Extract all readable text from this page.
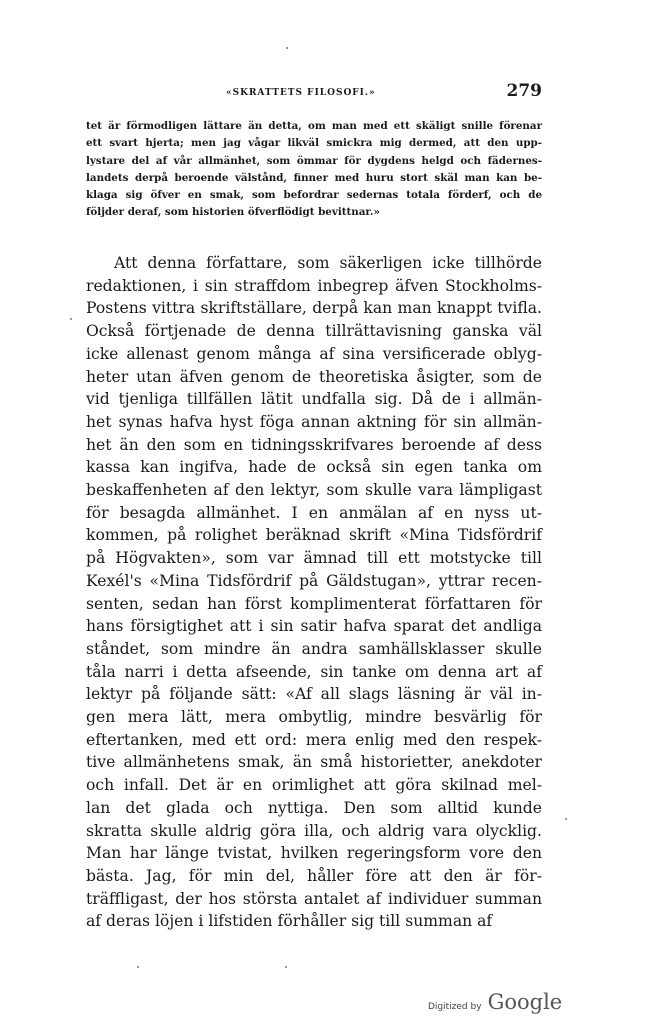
«SKRATTETS FILOSOFI.»	279
tet är förmodligen lättare än detta, om man med ett skäligt snille förenar
ett svart hjerta; men jag vågar likväl smickra mig dermed, att den upp-
lystare del af vår allmänhet, som ömmar för dygdens helgd och fädernes-
landets derpå beroende välstånd, finner med huru stort skäl man kan be-
klaga sig öfver en smak, som befordrar sedernas totala förderf, och de
följder deraf, som historien öfverflödigt bevittnar.»
Att denna författare, som säkerligen icke tillhörde
redaktionen, i sin straffdom inbegrep äfven Stockholms-
Postens vittra skriftställare, derpå kan man knappt tvifla.
Också förtjenade de denna tillrättavisning ganska väl
icke allenast genom många af sina versificerade oblyg-
heter utan äfven genom de theoretiska åsigter, som de
vid tjenliga tillfällen lätit undfalla sig. Då de i allmän-
het synas hafva hyst föga annan aktning för sin allmän-
het än den som en tidningsskrifvares beroende af dess
kassa kan ingifva, hade de också sin egen tanka om
beskaffenheten af den lektyr, som skulle vara lämpligast
för besagda allmänhet. I en anmälan af en nyss ut-
kommen, på rolighet beräknad skrift «Mina Tidsfördrif
på Högvakten», som var ämnad till ett motstycke till
Kexél's «Mina Tidsfördrif på Gäldstugan», yttrar recen-
senten, sedan han först komplimenterat författaren för
hans försigtighet att i sin satir hafva sparat det andliga
ståndet, som mindre än andra samhällsklasser skulle
tåla narri i detta afseende, sin tanke om denna art af
lektyr på följande sätt: «Af all slags läsning är väl in-
gen mera lätt, mera ombytlig, mindre besvärlig för
eftertanken, med ett ord: mera enlig med den respek-
tive allmänhetens smak, än små historietter, anekdoter
och infall. Det är en orimlighet att göra skilnad mel-
lan det glada och nyttiga. Den som alltid kunde
skratta skulle aldrig göra illa, och aldrig vara olycklig.
Man har länge tvistat, hvilken regeringsform vore den
bästa. Jag, för min del, håller före att den är för-
träffligast, der hos största antalet af individuer summan
af deras löjen i lifstiden förhåller sig till summan af
Digitized by Google
